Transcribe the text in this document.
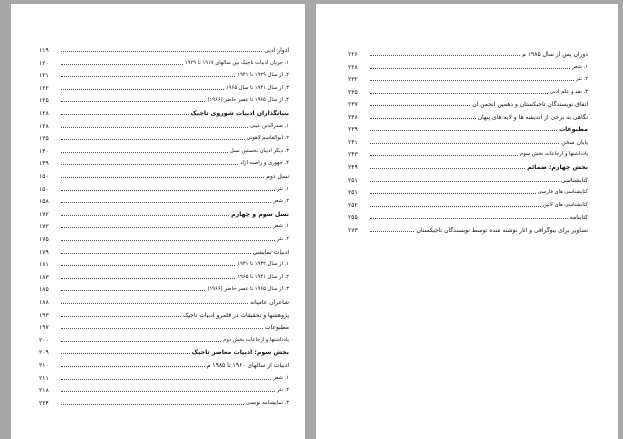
۱۱۹	ادوار ادبی
۱۲۰	۱. جریان ادبیات تاجیک بین سالهای ۱۹۱۷ تا ۱۹۲۹
۱۲۱	۲. از سال ۱۹۲۹ تا ۱۹۴۱
۱۲۲	۳. از سال ۱۹۴۱ تا سال ۱۹۶۵
۱۲۵	۴. از سال ۱۹۶۵ تا عصر حاضر (۱۹۶۶)
۱۲۸	بنیانگذاران ادبیات شوروی تاجیک
۱۲۸	۱. صدرالدین عینی
۱۳۵	۲. ابوالقاسم لاهوتی
۱۴۰	۳. دیگر ادیبان نخستین نسل
۱۴۹	۴. جهوری و راضیه آزاد
۱۵۰	نسل دوم
۱۵۰	۱. نثر
۱۵۸	۲. شعر
۱۷۲	نسل سوم و چهارم
۱۷۲	۱. شعر
۱۷۵	۲. نثر
۱۷۹	ادبیات نمایشی
۱۸۱	۱. از سال ۱۹۳۲ تا ۱۹۴۱
۱۸۳	۲. از سال ۱۹۴۱ تا ۱۹۶۵
۱۸۵	۳. از سال ۱۹۶۵ تا عصر حاضر (۱۹۶۶)
۱۸۸	شاعران عامیانه
۱۹۳	پژوهشها و تحقیقات در قلمرو ادبیات تاجیک
۱۹۷	مطبوعات
۲۰۰	یادداشتها و ارجاعات بخش دوم
۲۰۹	بخش سوم: ادبیات معاصر تاجیک
۲۱۰	ادبیات از سالهای ۱۹۶۰ تا ۱۹۸۵ م
۲۱۱	۱. شعر
۲۱۸	۲. نثر
۲۲۴	۳. نمایشنامه نویسی
۲۲۶	دوران پس از سال ۱۹۸۵ م
۲۲۸	۱. شعر
۲۳۲	۲. نثر
۲۳۵	۳. نقد و علم ادبی
۲۳۷	اتفاق نویسندگان تاجیکستان و دهمین انجمن آن
۲۳۸	نگاهی به برخی از اندیشه ها و لایه های پنهان
۲۳۹	مطبوعات
۲۴۱	پایان سخن
۲۴۳	یادداشتها و ارجاعات بخش سوم
۲۴۹	بخش چهارم: ضمائم
۲۵۱	کتابشناسی
۲۵۱	کتابشناسی های فارسی
۲۵۲	کتابشناسی های لاتین
۲۵۵	کتابنامه
۲۷۳	تصاویر برای بیوگرافی و آثار نوشته شده توسط نویسندگان تاجیکستان
